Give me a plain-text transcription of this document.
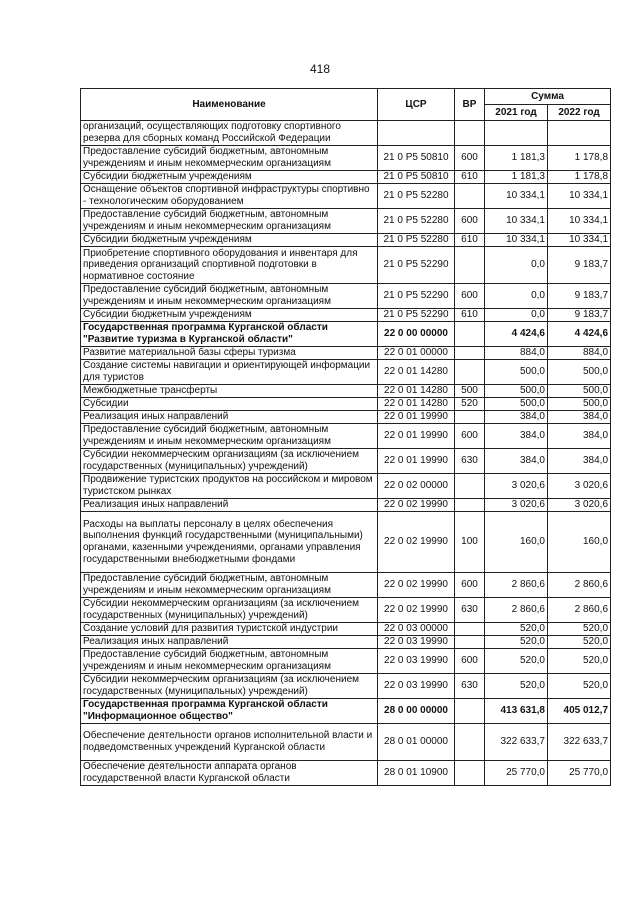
418
Наименование	ЦСР	ВР	Сумма	
			2021 год	2022 год
организаций, осуществляющих подготовку спортивного резерва для сборных команд Российской Федерации				
Предоставление субсидий бюджетным, автономным учреждениям и иным некоммерческим организациям	21 0 P5 50810	600	1 181,3	1 178,8
Субсидии бюджетным учреждениям	21 0 P5 50810	610	1 181,3	1 178,8
Оснащение объектов спортивной инфраструктуры спортивно - технологическим оборудованием	21 0 P5 52280		10 334,1	10 334,1
Предоставление субсидий бюджетным, автономным учреждениям и иным некоммерческим организациям	21 0 P5 52280	600	10 334,1	10 334,1
Субсидии бюджетным учреждениям	21 0 P5 52280	610	10 334,1	10 334,1
Приобретение спортивного оборудования и инвентаря для приведения организаций спортивной подготовки в нормативное состояние	21 0 P5 52290		0,0	9 183,7
Предоставление субсидий бюджетным, автономным учреждениям и иным некоммерческим организациям	21 0 P5 52290	600	0,0	9 183,7
Субсидии бюджетным учреждениям	21 0 P5 52290	610	0,0	9 183,7
Государственная программа Курганской области "Развитие туризма в Курганской области"	22 0 00 00000		4 424,6	4 424,6
Развитие материальной базы сферы туризма	22 0 01 00000		884,0	884,0
Создание системы навигации и ориентирующей информации для туристов	22 0 01 14280		500,0	500,0
Межбюджетные трансферты	22 0 01 14280	500	500,0	500,0
Субсидии	22 0 01 14280	520	500,0	500,0
Реализация иных направлений	22 0 01 19990		384,0	384,0
Предоставление субсидий бюджетным, автономным учреждениям и иным некоммерческим организациям	22 0 01 19990	600	384,0	384,0
Субсидии некоммерческим организациям (за исключением государственных (муниципальных) учреждений)	22 0 01 19990	630	384,0	384,0
Продвижение туристских продуктов на российском и мировом туристском рынках	22 0 02 00000		3 020,6	3 020,6
Реализация иных направлений	22 0 02 19990		3 020,6	3 020,6
Расходы на выплаты персоналу в целях обеспечения выполнения функций государственными (муниципальными) органами, казенными учреждениями, органами управления государственными внебюджетными фондами	22 0 02 19990	100	160,0	160,0
Предоставление субсидий бюджетным, автономным учреждениям и иным некоммерческим организациям	22 0 02 19990	600	2 860,6	2 860,6
Субсидии некоммерческим организациям (за исключением государственных (муниципальных) учреждений)	22 0 02 19990	630	2 860,6	2 860,6
Создание условий для развития туристской индустрии	22 0 03 00000		520,0	520,0
Реализация иных направлений	22 0 03 19990		520,0	520,0
Предоставление субсидий бюджетным, автономным учреждениям и иным некоммерческим организациям	22 0 03 19990	600	520,0	520,0
Субсидии некоммерческим организациям (за исключением государственных (муниципальных) учреждений)	22 0 03 19990	630	520,0	520,0
Государственная программа Курганской области "Информационное общество"	28 0 00 00000		413 631,8	405 012,7
Обеспечение деятельности органов исполнительной власти и подведомственных учреждений Курганской области	28 0 01 00000		322 633,7	322 633,7
Обеспечение деятельности аппарата органов государственной власти Курганской области	28 0 01 10900		25 770,0	25 770,0
